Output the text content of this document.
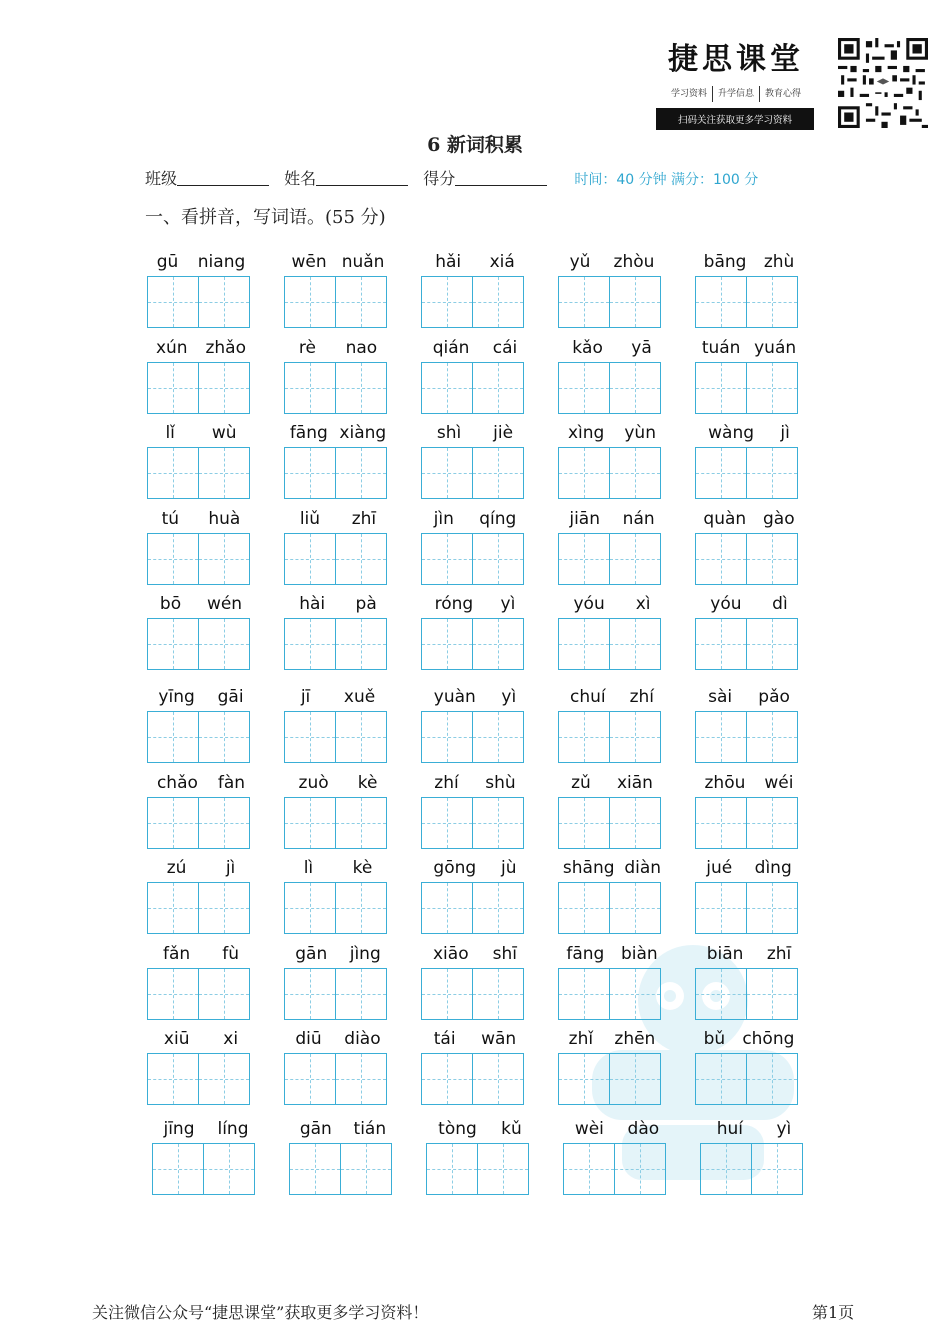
捷思课堂
学习资料	升学信息	教育心得
扫码关注获取更多学习资料
6 新词积累
班级	姓名	得分	时间：40 分钟 满分：100 分
一、看拼音，写词语。(55 分)
gū niang	wēn nuǎn	hǎi xiá	yǔ zhòu	bāng zhù
xún zhǎo	rè nao	qián cái	kǎo yā	tuán yuán
lǐ wù	fāng xiàng	shì jiè	xìng yùn	wàng jì
tú huà	liǔ zhī	jìn qíng	jiān nán	quàn gào
bō wén	hài pà	róng yì	yóu xì	yóu dì
yīng gāi	jī xuě	yuàn yì	chuí zhí	sài pǎo
chǎo fàn	zuò kè	zhí shù	zǔ xiān	zhōu wéi
zú jì	lì kè	gōng jù	shāng diàn	jué dìng
fǎn fù	gān jìng	xiāo shī	fāng biàn	biān zhī
xiū xi	diū diào	tái wān	zhǐ zhēn	bǔ chōng
jīng líng	gān tián	tòng kǔ	wèi dào	huí yì
关注微信公众号“捷思课堂”获取更多学习资料！	第1页
